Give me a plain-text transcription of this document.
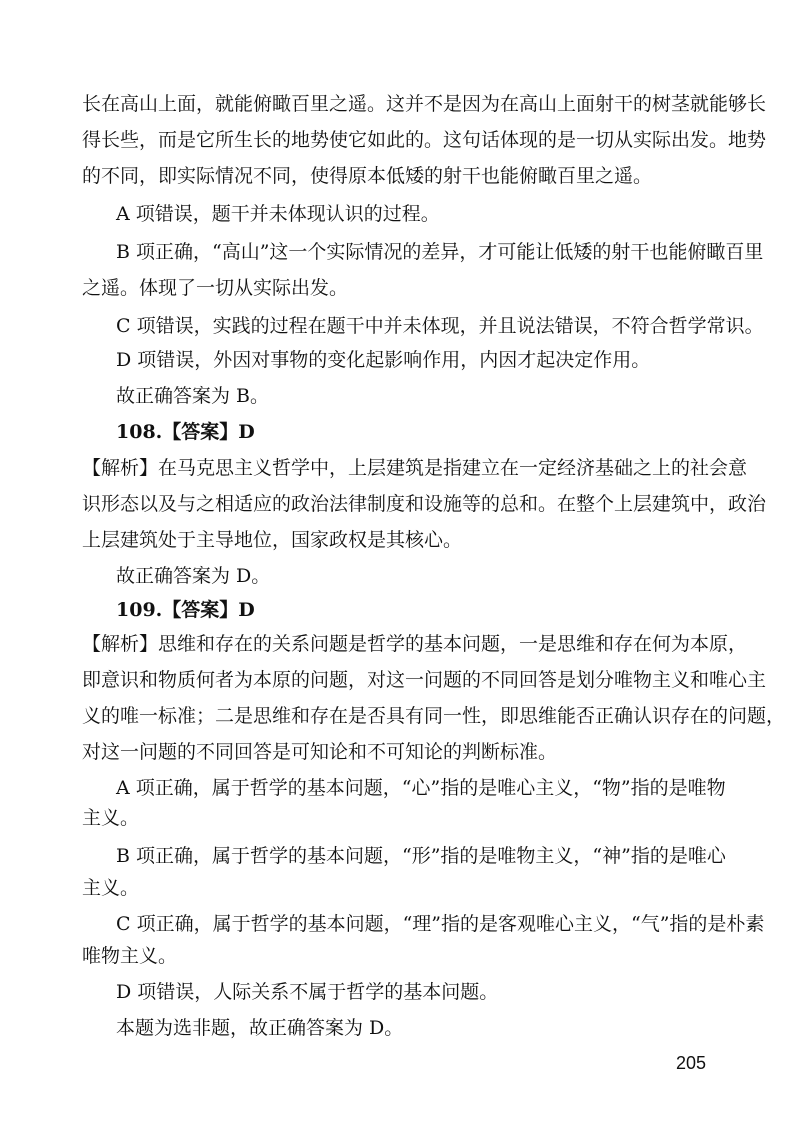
长在高山上面，就能俯瞰百里之遥。这并不是因为在高山上面射干的树茎就能够长
得长些，而是它所生长的地势使它如此的。这句话体现的是一切从实际出发。地势
的不同，即实际情况不同，使得原本低矮的射干也能俯瞰百里之遥。
A 项错误，题干并未体现认识的过程。
B 项正确，“高山”这一个实际情况的差异，才可能让低矮的射干也能俯瞰百里
之遥。体现了一切从实际出发。
C 项错误，实践的过程在题干中并未体现，并且说法错误，不符合哲学常识。
D 项错误，外因对事物的变化起影响作用，内因才起决定作用。
故正确答案为 B。
108.【答案】D
【解析】在马克思主义哲学中，上层建筑是指建立在一定经济基础之上的社会意
识形态以及与之相适应的政治法律制度和设施等的总和。在整个上层建筑中，政治
上层建筑处于主导地位，国家政权是其核心。
故正确答案为 D。
109.【答案】D
【解析】思维和存在的关系问题是哲学的基本问题，一是思维和存在何为本原，
即意识和物质何者为本原的问题，对这一问题的不同回答是划分唯物主义和唯心主
义的唯一标准；二是思维和存在是否具有同一性，即思维能否正确认识存在的问题，
对这一问题的不同回答是可知论和不可知论的判断标准。
A 项正确，属于哲学的基本问题，“心”指的是唯心主义，“物”指的是唯物
主义。
B 项正确，属于哲学的基本问题，“形”指的是唯物主义，“神”指的是唯心
主义。
C 项正确，属于哲学的基本问题，“理”指的是客观唯心主义，“气”指的是朴素
唯物主义。
D 项错误，人际关系不属于哲学的基本问题。
本题为选非题，故正确答案为 D。
205
